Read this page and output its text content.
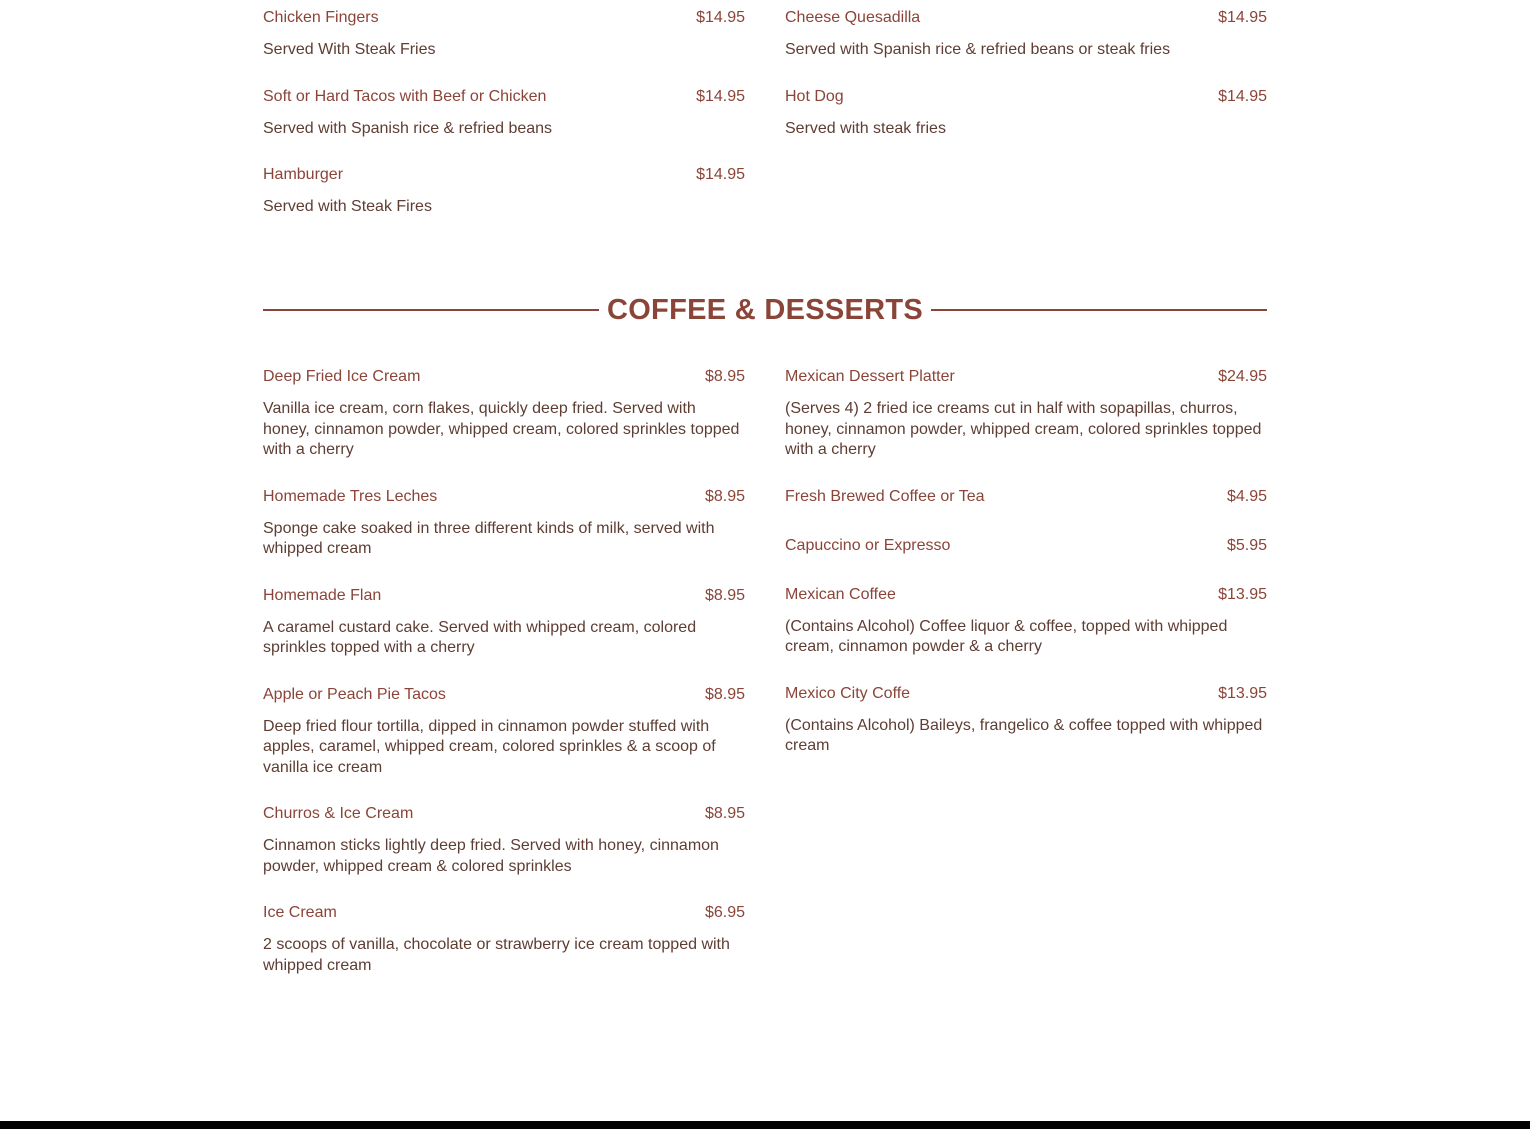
Chicken Fingers	$14.95
Served With Steak Fries
Soft or Hard Tacos with Beef or Chicken	$14.95
Served with Spanish rice & refried beans
Hamburger	$14.95
Served with Steak Fires
Cheese Quesadilla	$14.95
Served with Spanish rice & refried beans or steak fries
Hot Dog	$14.95
Served with steak fries
COFFEE & DESSERTS
Deep Fried Ice Cream	$8.95
Vanilla ice cream, corn flakes, quickly deep fried. Served with honey, cinnamon powder, whipped cream, colored sprinkles topped with a cherry
Homemade Tres Leches	$8.95
Sponge cake soaked in three different kinds of milk, served with whipped cream
Homemade Flan	$8.95
A caramel custard cake. Served with whipped cream, colored sprinkles topped with a cherry
Apple or Peach Pie Tacos	$8.95
Deep fried flour tortilla, dipped in cinnamon powder stuffed with apples, caramel, whipped cream, colored sprinkles & a scoop of vanilla ice cream
Churros & Ice Cream	$8.95
Cinnamon sticks lightly deep fried. Served with honey, cinnamon powder, whipped cream & colored sprinkles
Ice Cream	$6.95
2 scoops of vanilla, chocolate or strawberry ice cream topped with whipped cream
Mexican Dessert Platter	$24.95
(Serves 4) 2 fried ice creams cut in half with sopapillas, churros, honey, cinnamon powder, whipped cream, colored sprinkles topped with a cherry
Fresh Brewed Coffee or Tea	$4.95
Capuccino or Expresso	$5.95
Mexican Coffee	$13.95
(Contains Alcohol) Coffee liquor & coffee, topped with whipped cream, cinnamon powder & a cherry
Mexico City Coffe	$13.95
(Contains Alcohol) Baileys, frangelico & coffee topped with whipped cream
